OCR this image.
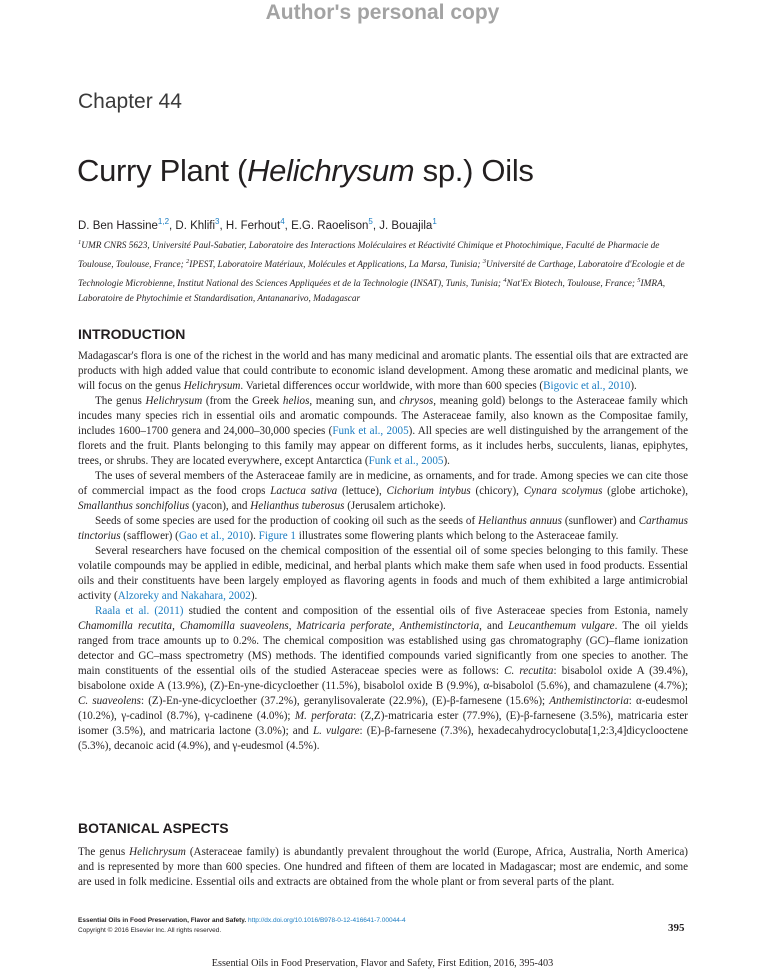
Author's personal copy
Chapter 44
Curry Plant (Helichrysum sp.) Oils
D. Ben Hassine$^{1,2}$, D. Khlifi$^3$, H. Ferhout$^4$, E.G. Raoelison$^5$, J. Bouajila$^1$
$^1$UMR CNRS 5623, Université Paul-Sabatier, Laboratoire des Interactions Moléculaires et Réactivité Chimique et Photochimique, Faculté de Pharmacie de Toulouse, Toulouse, France; $^2$IPEST, Laboratoire Matériaux, Molécules et Applications, La Marsa, Tunisia; $^3$Université de Carthage, Laboratoire d'Ecologie et de Technologie Microbienne, Institut National des Sciences Appliquées et de la Technologie (INSAT), Tunis, Tunisia; $^4$Nat'Ex Biotech, Toulouse, France; $^5$IMRA, Laboratoire de Phytochimie et Standardisation, Antananarivo, Madagascar
INTRODUCTION

Madagascar's flora is one of the richest in the world and has many medicinal and aromatic plants. The essential oils that are extracted are products with high added value that could contribute to economic island development. Among these aromatic and medicinal plants, we will focus on the genus Helichrysum. Varietal differences occur worldwide, with more than 600 species (Bigovic et al., 2010).

The genus Helichrysum (from the Greek helios, meaning sun, and chrysos, meaning gold) belongs to the Asteraceae family which incudes many species rich in essential oils and aromatic compounds. The Asteraceae family, also known as the Compositae family, includes 1600–1700 genera and 24,000–30,000 species (Funk et al., 2005). All species are well distinguished by the arrangement of the florets and the fruit. Plants belonging to this family may appear on different forms, as it includes herbs, succulents, lianas, epiphytes, trees, or shrubs. They are located everywhere, except Antarctica (Funk et al., 2005).

The uses of several members of the Asteraceae family are in medicine, as ornaments, and for trade. Among species we can cite those of commercial impact as the food crops Lactuca sativa (lettuce), Cichorium intybus (chicory), Cynara scolymus (globe artichoke), Smallanthus sonchifolius (yacon), and Helianthus tuberosus (Jerusalem artichoke).

Seeds of some species are used for the production of cooking oil such as the seeds of Helianthus annuus (sunflower) and Carthamus tinctorius (safflower) (Gao et al., 2010). Figure 1 illustrates some flowering plants which belong to the Asteraceae family.

Several researchers have focused on the chemical composition of the essential oil of some species belonging to this family. These volatile compounds may be applied in edible, medicinal, and herbal plants which make them safe when used in food products. Essential oils and their constituents have been largely employed as flavoring agents in foods and much of them exhibited a large antimicrobial activity (Alzoreky and Nakahara, 2002).

Raala et al. (2011) studied the content and composition of the essential oils of five Asteraceae species from Estonia, namely Chamomilla recutita, Chamomilla suaveolens, Matricaria perforate, Anthemistinctoria, and Leucanthemum vulgare. The oil yields ranged from trace amounts up to 0.2%. The chemical composition was established using gas chromatography (GC)–flame ionization detector and GC–mass spectrometry (MS) methods. The identified compounds varied significantly from one species to another. The main constituents of the essential oils of the studied Asteraceae species were as follows: C. recutita: bisabolol oxide A (39.4%), bisabolone oxide A (13.9%), (Z)-En-yne-dicycloether (11.5%), bisabolol oxide B (9.9%), α-bisabolol (5.6%), and chamazulene (4.7%); C. suaveolens: (Z)-En-yne-dicycloether (37.2%), geranylisovalerate (22.9%), (E)-β-farnesene (15.6%); Anthemistinctoria: α-eudesmol (10.2%), γ-cadinol (8.7%), γ-cadinene (4.0%); M. perforata: (Z,Z)-matricaria ester (77.9%), (E)-β-farnesene (3.5%), matricaria ester isomer (3.5%), and matricaria lactone (3.0%); and L. vulgare: (E)-β-farnesene (7.3%), hexadecahydrocyclobuta[1,2:3,4]dicyclooctene (5.3%), decanoic acid (4.9%), and γ-eudesmol (4.5%).

BOTANICAL ASPECTS

The genus Helichrysum (Asteraceae family) is abundantly prevalent throughout the world (Europe, Africa, Australia, North America) and is represented by more than 600 species. One hundred and fifteen of them are located in Madagascar; most are endemic, and some are used in folk medicine. Essential oils and extracts are obtained from the whole plant or from several parts of the plant.

Essential Oils in Food Preservation, Flavor and Safety. http://dx.doi.org/10.1016/B978-0-12-416641-7.00044-4
Copyright © 2016 Elsevier Inc. All rights reserved.	395
Essential Oils in Food Preservation, Flavor and Safety, First Edition, 2016, 395-403
